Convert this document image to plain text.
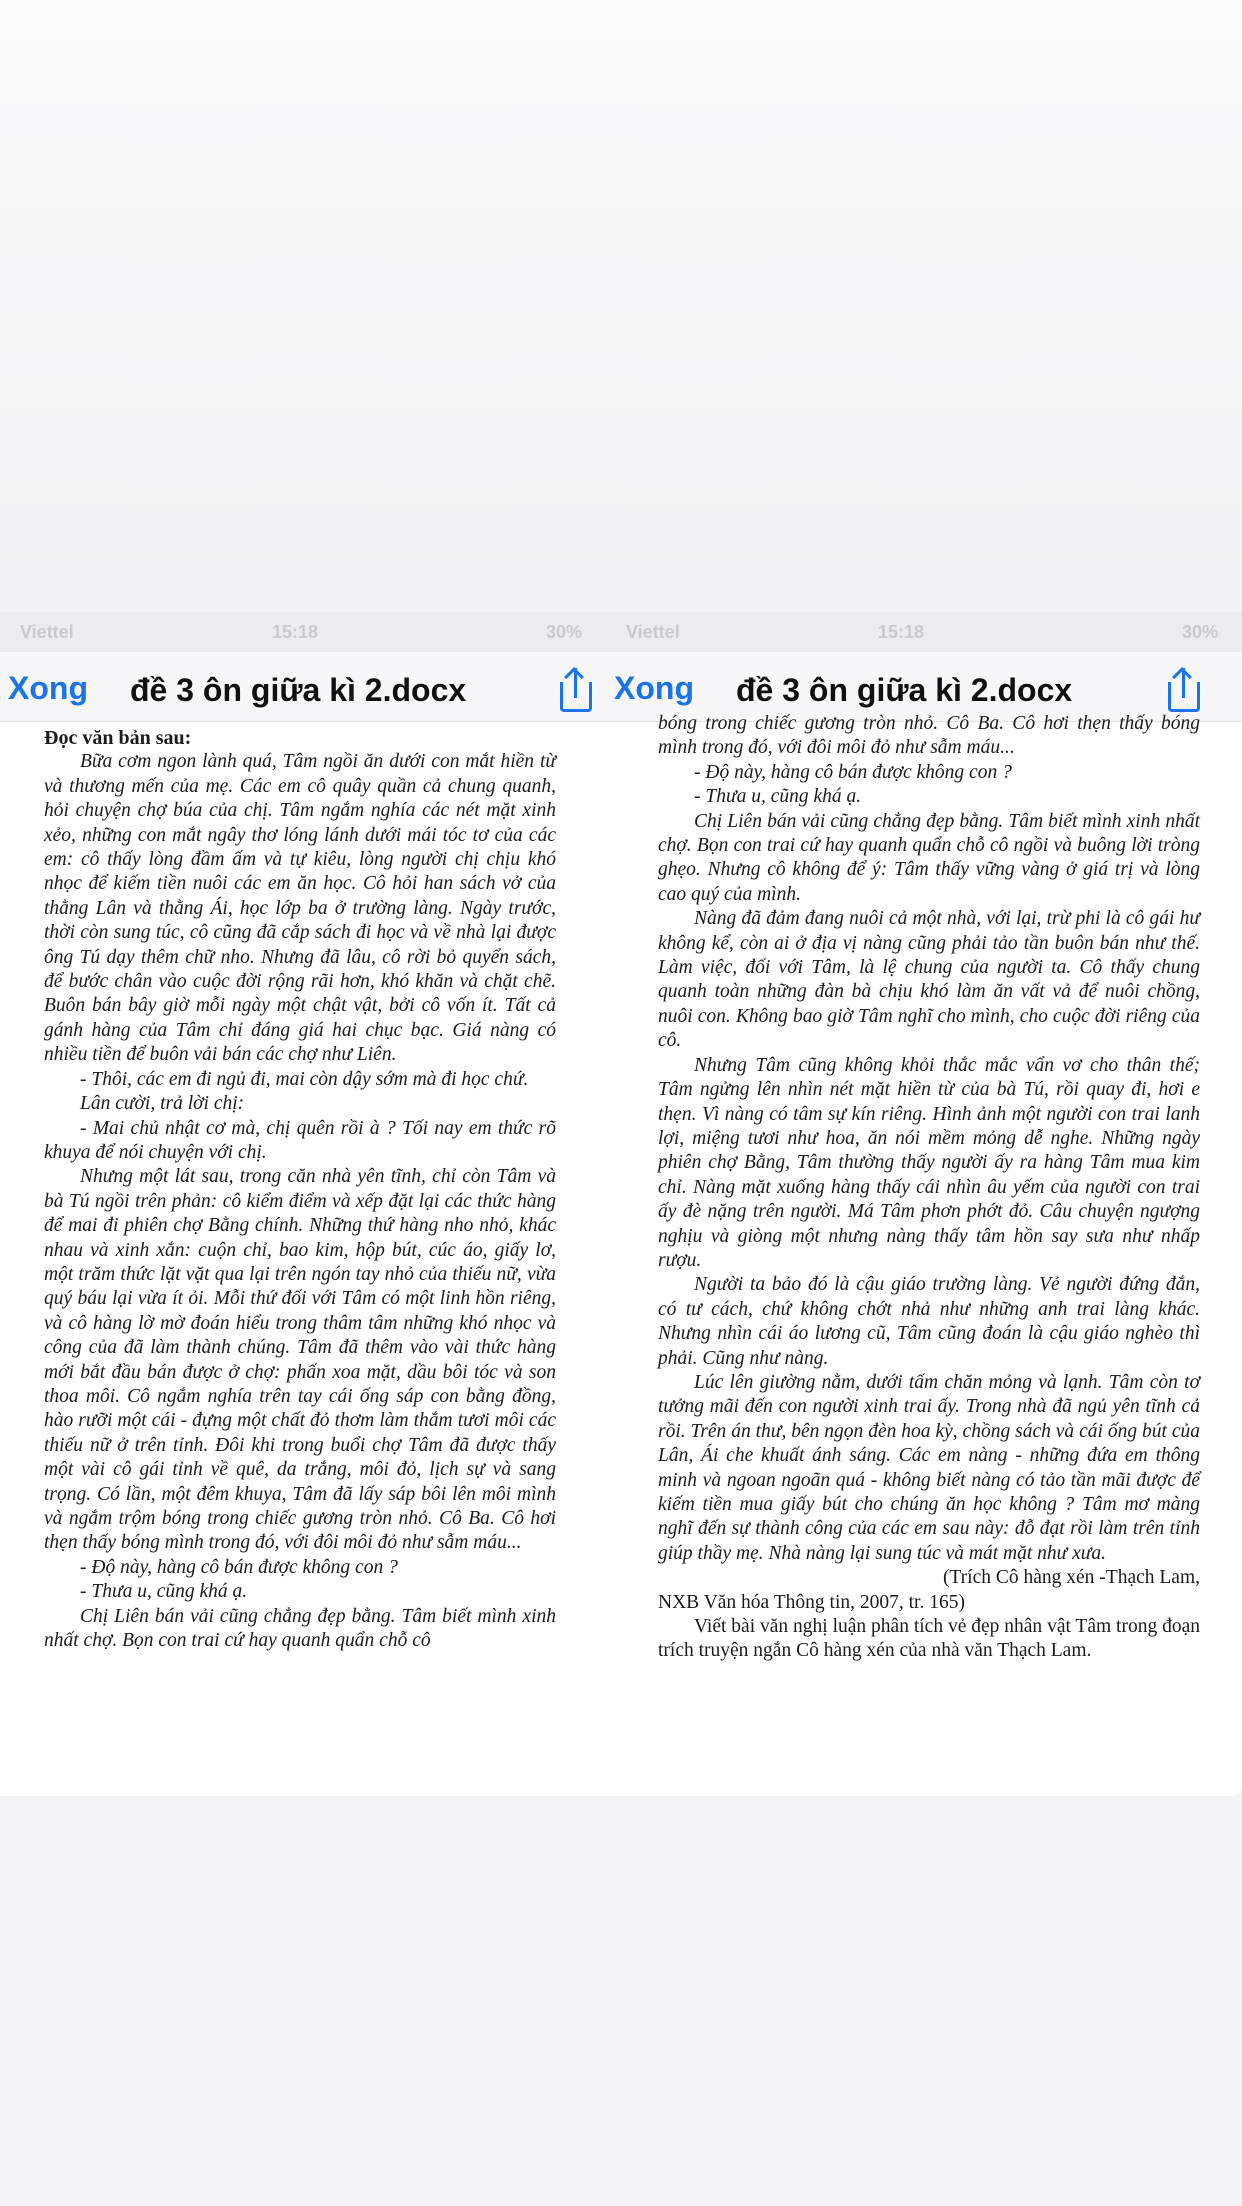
Viettel	15:18	30%
Xong đề 3 ôn giữa kì 2.docx

Đọc văn bản sau:

Bữa cơm ngon lành quá, Tâm ngồi ăn dưới con mắt hiền từ và thương mến của mẹ. Các em cô quây quần cả chung quanh, hỏi chuyện chợ búa của chị. Tâm ngắm nghía các nét mặt xinh xẻo, những con mắt ngây thơ lóng lánh dưới mái tóc tơ của các em: cô thấy lòng đầm ấm và tự kiêu, lòng người chị chịu khó nhọc để kiếm tiền nuôi các em ăn học. Cô hỏi han sách vở của thằng Lân và thằng Ái, học lớp ba ở trường làng. Ngày trước, thời còn sung túc, cô cũng đã cắp sách đi học và về nhà lại được ông Tú dạy thêm chữ nho. Nhưng đã lâu, cô rời bỏ quyển sách, để bước chân vào cuộc đời rộng rãi hơn, khó khăn và chặt chẽ. Buôn bán bây giờ mỗi ngày một chật vật, bởi cô vốn ít. Tất cả gánh hàng của Tâm chỉ đáng giá hai chục bạc. Giá nàng có nhiều tiền để buôn vải bán các chợ như Liên.

- Thôi, các em đi ngủ đi, mai còn dậy sớm mà đi học chứ.

Lân cười, trả lời chị:

- Mai chủ nhật cơ mà, chị quên rồi à ? Tối nay em thức rõ khuya để nói chuyện với chị.

Nhưng một lát sau, trong căn nhà yên tĩnh, chỉ còn Tâm và bà Tú ngồi trên phản: cô kiểm điểm và xếp đặt lại các thức hàng để mai đi phiên chợ Bằng chính. Những thứ hàng nho nhỏ, khác nhau và xinh xắn: cuộn chỉ, bao kim, hộp bút, cúc áo, giấy lơ, một trăm thức lặt vặt qua lại trên ngón tay nhỏ của thiếu nữ, vừa quý báu lại vừa ít ỏi. Mỗi thứ đối với Tâm có một linh hồn riêng, và cô hàng lờ mờ đoán hiểu trong thâm tâm những khó nhọc và công của đã làm thành chúng. Tâm đã thêm vào vài thức hàng mới bắt đầu bán được ở chợ: phấn xoa mặt, dầu bôi tóc và son thoa môi. Cô ngắm nghía trên tay cái ống sáp con bằng đồng, hào rưỡi một cái - đựng một chất đỏ thơm làm thắm tươi môi các thiếu nữ ở trên tỉnh. Đôi khi trong buổi chợ Tâm đã được thấy một vài cô gái tỉnh về quê, da trắng, môi đỏ, lịch sự và sang trọng. Có lần, một đêm khuya, Tâm đã lấy sáp bôi lên môi mình và ngắm trộm bóng trong chiếc gương tròn nhỏ. Cô Ba. Cô hơi thẹn thấy bóng mình trong đó, với đôi môi đỏ như sẫm máu...

- Độ này, hàng cô bán được không con ?

- Thưa u, cũng khá ạ.

Chị Liên bán vải cũng chẳng đẹp bằng. Tâm biết mình xinh nhất chợ. Bọn con trai cứ hay quanh quẩn chỗ cô

Viettel	15:18	30%
Xong đề 3 ôn giữa kì 2.docx

bóng trong chiếc gương tròn nhỏ. Cô Ba. Cô hơi thẹn thấy bóng mình trong đó, với đôi môi đỏ như sẫm máu...

- Độ này, hàng cô bán được không con ?

- Thưa u, cũng khá ạ.

Chị Liên bán vải cũng chẳng đẹp bằng. Tâm biết mình xinh nhất chợ. Bọn con trai cứ hay quanh quẩn chỗ cô ngồi và buông lời tròng ghẹo. Nhưng cô không để ý: Tâm thấy vững vàng ở giá trị và lòng cao quý của mình.

Nàng đã đảm đang nuôi cả một nhà, với lại, trừ phi là cô gái hư không kể, còn ai ở địa vị nàng cũng phải tảo tần buôn bán như thế. Làm việc, đối với Tâm, là lệ chung của người ta. Cô thấy chung quanh toàn những đàn bà chịu khó làm ăn vất vả để nuôi chồng, nuôi con. Không bao giờ Tâm nghĩ cho mình, cho cuộc đời riêng của cô.

Nhưng Tâm cũng không khỏi thắc mắc vẩn vơ cho thân thế; Tâm ngửng lên nhìn nét mặt hiền từ của bà Tú, rồi quay đi, hơi e thẹn. Vì nàng có tâm sự kín riêng. Hình ảnh một người con trai lanh lợi, miệng tươi như hoa, ăn nói mềm mỏng dễ nghe. Những ngày phiên chợ Bằng, Tâm thường thấy người ấy ra hàng Tâm mua kim chỉ. Nàng mặt xuống hàng thấy cái nhìn âu yếm của người con trai ấy đè nặng trên người. Má Tâm phơn phớt đỏ. Câu chuyện ngượng nghịu và giòng một nhưng nàng thấy tâm hồn say sưa như nhấp rượu.

Người ta bảo đó là cậu giáo trường làng. Vẻ người đứng đắn, có tư cách, chứ không chớt nhả như những anh trai làng khác. Nhưng nhìn cái áo lương cũ, Tâm cũng đoán là cậu giáo nghèo thì phải. Cũng như nàng.

Lúc lên giường nằm, dưới tấm chăn mỏng và lạnh. Tâm còn tơ tưởng mãi đến con người xinh trai ấy. Trong nhà đã ngủ yên tĩnh cả rồi. Trên án thư, bên ngọn đèn hoa kỳ, chồng sách và cái ống bút của Lân, Ái che khuất ánh sáng. Các em nàng - những đứa em thông minh và ngoan ngoãn quá - không biết nàng có tảo tần mãi được để kiếm tiền mua giấy bút cho chúng ăn học không ? Tâm mơ màng nghĩ đến sự thành công của các em sau này: đỗ đạt rồi làm trên tỉnh giúp thầy mẹ. Nhà nàng lại sung túc và mát mặt như xưa.

(Trích Cô hàng xén -Thạch Lam,

NXB Văn hóa Thông tin, 2007, tr. 165)

Viết bài văn nghị luận phân tích vẻ đẹp nhân vật Tâm trong đoạn trích truyện ngắn Cô hàng xén của nhà văn Thạch Lam.
